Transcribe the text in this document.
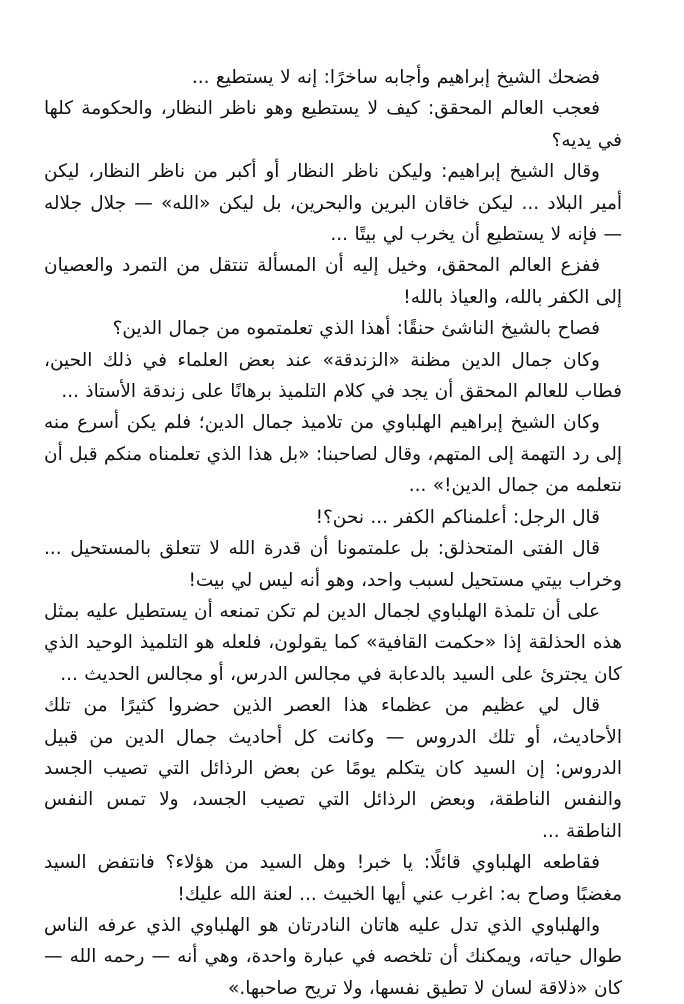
فضحك الشيخ إبراهيم وأجابه ساخرًا: إنه لا يستطيع ...

فعجب العالم المحقق: كيف لا يستطيع وهو ناظر النظار، والحكومة كلها في يديه؟

وقال الشيخ إبراهيم: وليكن ناظر النظار أو أكبر من ناظر النظار، ليكن أمير البلاد ... ليكن خاقان البرين والبحرين، بل ليكن «الله» — جلال جلاله — فإنه لا يستطيع أن يخرب لي بيتًا ...

ففزع العالم المحقق، وخيل إليه أن المسألة تنتقل من التمرد والعصيان إلى الكفر بالله، والعياذ بالله!

فصاح بالشيخ الناشئ حنقًا: أهذا الذي تعلمتموه من جمال الدين؟

وكان جمال الدين مظنة «الزندقة» عند بعض العلماء في ذلك الحين، فطاب للعالم المحقق أن يجد في كلام التلميذ برهانًا على زندقة الأستاذ ...

وكان الشيخ إبراهيم الهلباوي من تلاميذ جمال الدين؛ فلم يكن أسرع منه إلى رد التهمة إلى المتهم، وقال لصاحبنا: «بل هذا الذي تعلمناه منكم قبل أن نتعلمه من جمال الدين!» ...

قال الرجل: أعلمناكم الكفر ... نحن؟!

قال الفتى المتحذلق: بل علمتمونا أن قدرة الله لا تتعلق بالمستحيل ... وخراب بيتي مستحيل لسبب واحد، وهو أنه ليس لي بيت!

على أن تلمذة الهلباوي لجمال الدين لم تكن تمنعه أن يستطيل عليه بمثل هذه الحذلقة إذا «حكمت القافية» كما يقولون، فلعله هو التلميذ الوحيد الذي كان يجترئ على السيد بالدعابة في مجالس الدرس، أو مجالس الحديث ...

قال لي عظيم من عظماء هذا العصر الذين حضروا كثيرًا من تلك الأحاديث، أو تلك الدروس — وكانت كل أحاديث جمال الدين من قبيل الدروس: إن السيد كان يتكلم يومًا عن بعض الرذائل التي تصيب الجسد والنفس الناطقة، وبعض الرذائل التي تصيب الجسد، ولا تمس النفس الناطقة ...

فقاطعه الهلباوي قائلًا: يا خبر! وهل السيد من هؤلاء؟ فانتفض السيد مغضبًا وصاح به: اغرب عني أيها الخبيث ... لعنة الله عليك!

والهلباوي الذي تدل عليه هاتان النادرتان هو الهلباوي الذي عرفه الناس طوال حياته، ويمكنك أن تلخصه في عبارة واحدة، وهي أنه — رحمه الله — كان «ذلاقة لسان لا تطيق نفسها، ولا تريح صاحبها.»
